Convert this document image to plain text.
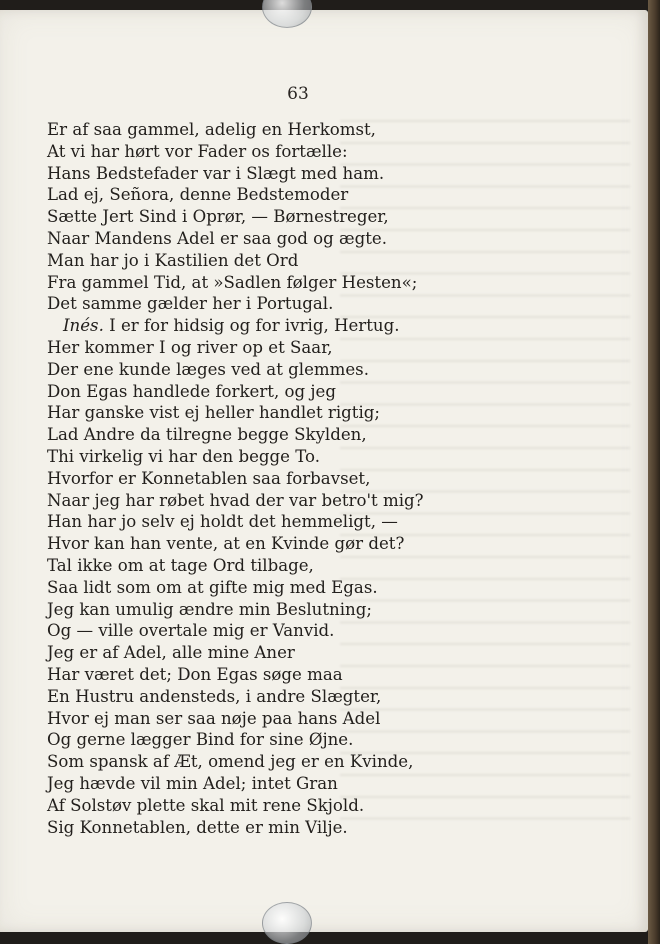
63
Er af saa gammel, adelig en Herkomst,
At vi har hørt vor Fader os fortælle:
Hans Bedstefader var i Slægt med ham.
Lad ej, Señora, denne Bedstemoder
Sætte Jert Sind i Oprør, — Børnestreger,
Naar Mandens Adel er saa god og ægte.
Man har jo i Kastilien det Ord
Fra gammel Tid, at »Sadlen følger Hesten«;
Det samme gælder her i Portugal.
Inés. I er for hidsig og for ivrig, Hertug.
Her kommer I og river op et Saar,
Der ene kunde læges ved at glemmes.
Don Egas handlede forkert, og jeg
Har ganske vist ej heller handlet rigtig;
Lad Andre da tilregne begge Skylden,
Thi virkelig vi har den begge To.
Hvorfor er Konnetablen saa forbavset,
Naar jeg har røbet hvad der var betro't mig?
Han har jo selv ej holdt det hemmeligt, —
Hvor kan han vente, at en Kvinde gør det?
Tal ikke om at tage Ord tilbage,
Saa lidt som om at gifte mig med Egas.
Jeg kan umulig ændre min Beslutning;
Og — ville overtale mig er Vanvid.
Jeg er af Adel, alle mine Aner
Har været det; Don Egas søge maa
En Hustru andensteds, i andre Slægter,
Hvor ej man ser saa nøje paa hans Adel
Og gerne lægger Bind for sine Øjne.
Som spansk af Æt, omend jeg er en Kvinde,
Jeg hævde vil min Adel; intet Gran
Af Solstøv plette skal mit rene Skjold.
Sig Konnetablen, dette er min Vilje.
